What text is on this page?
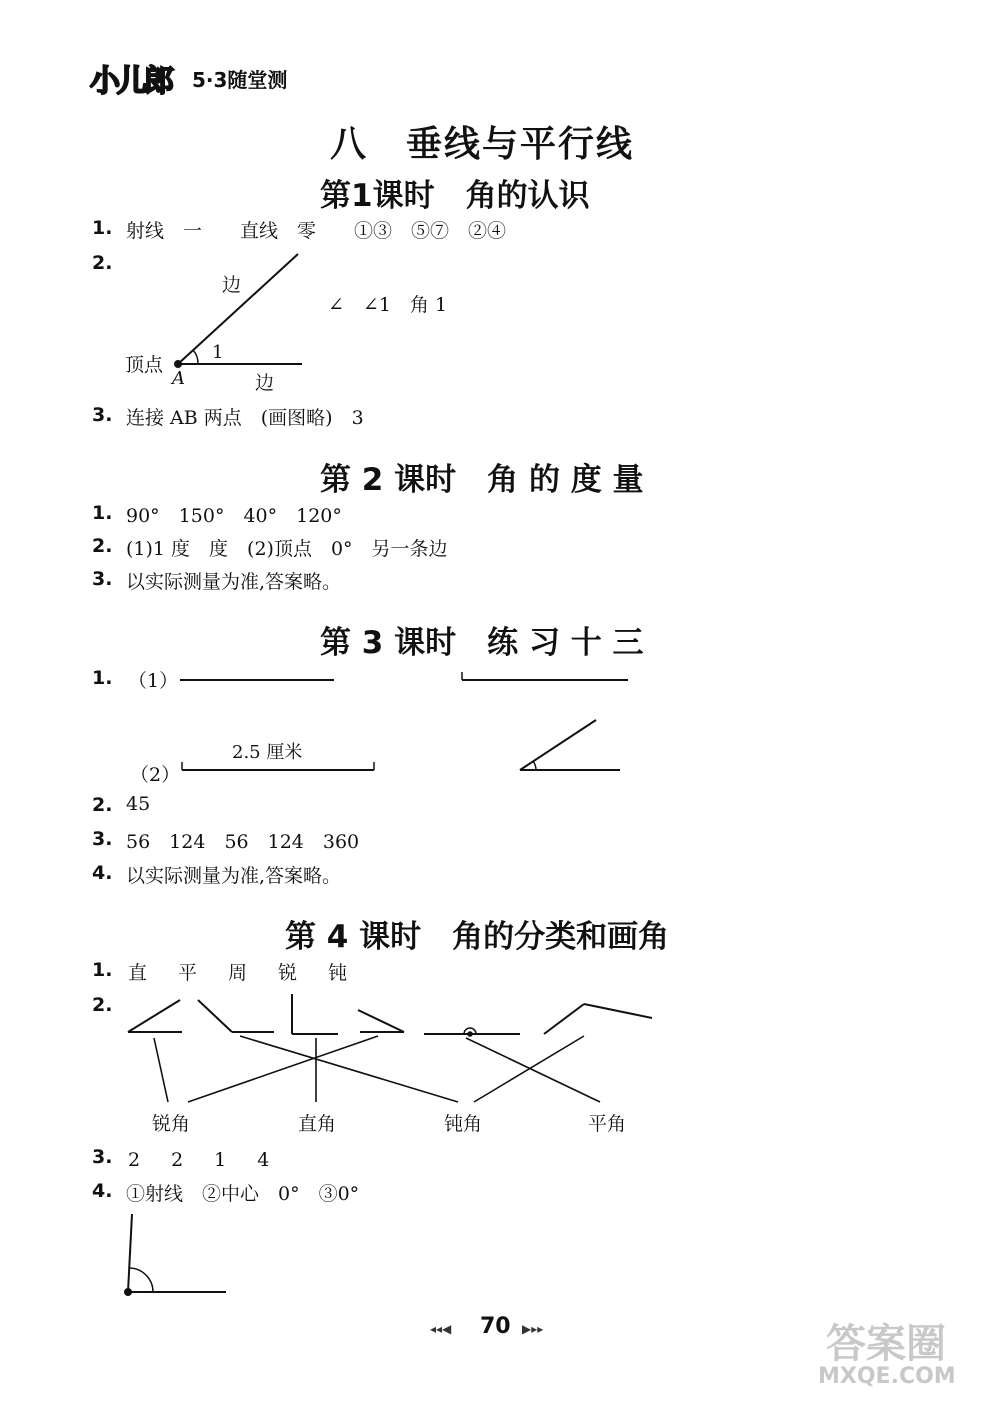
小儿郎 5·3随堂测
八　垂线与平行线
第1课时　角的认识
1. 射线　一　　直线　零　　①③　⑤⑦　②④
2.
边
顶点
A
1
边
∠　∠1　角 1
3. 连接 AB 两点　(画图略)　3
第 2 课时　角 的 度 量
1. 90°　150°　40°　120°
2. (1)1 度　度　(2)顶点　0°　另一条边
3. 以实际测量为准,答案略。
第 3 课时　练 习 十 三
1. （1）
（2）
2.5 厘米
2. 45
3. 56　124　56　124　360
4. 以实际测量为准,答案略。
第 4 课时　角的分类和画角
1. 直　平　周　锐　钝
2.
锐角	直角	钝角	平角
3. 2　2　1　4
4. ①射线　②中心　0°　③0°
◂◂◀ 70 ▶▸▸	答案圈
MXQE.COM
